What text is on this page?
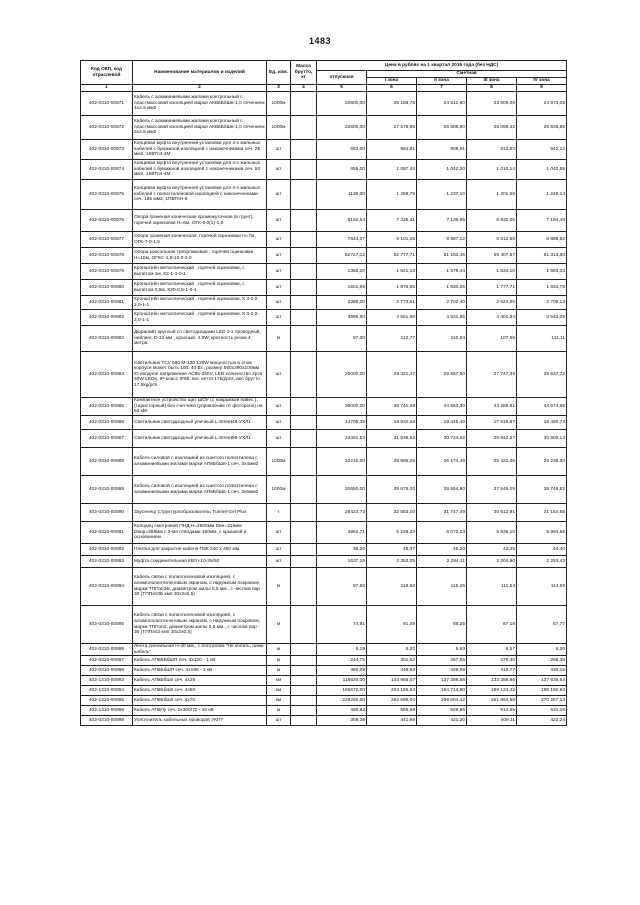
1483
Код ОКП, код отраслевой	Наименование материалов и изделий	Ед. изм.	Масса брутто, кг	Цена в рублях на 1 квартал 2016 года (без НДС)				
				отпускная	Сметная			
					I зона	II зона	III зона	IV зона
1	2	3	4	5	6	7	8	9
402-0310-00871	Кабель с алюминиевыми жилами контрольный с пластмассовой изоляцией марки АКВвБбШв-1,0 сечением 4х2,5 мм2	1000м		20800,00	25 158,75	24 512,80	23 609,06	24 573,05
402-0310-00872	Кабель с алюминиевыми жилами контрольный с пластмассовой изоляцией марки АКВвБбШв-1,0 сечением 3х2,5 мм2	1000м		22600,00	27 578,95	26 808,80	25 098,42	26 935,85
402-0310-00873	Концевая муфта внутренней установки для 4-х жильных кабелей с бумажной изоляцией с наконечниками сеч. 25 мм2, 1КВТп4-4М	шт		683,00	964,81	809,61	912,83	942,12
402-0310-00874	Концевая муфта внутренней установки для 4-х жильных кабелей с бумажной изоляцией с наконечниками сеч. 50 мм2, 1КВТп4-4М	шт		855,00	1 067,44	1 042,00	1 010,14	1 042,55
402-0310-00875	Концевая муфта внутренней установки для 4-х жильных кабелей с полиэтиленовой изоляцией с наконечниками сеч. 185 мм2, 1ПВТпН-6	шт		1136,00	1 269,75	1 237,10	1 201,59	1 249,14
402-0310-00876	Опора граненая коническая промежуточная (в грунт), горячей оцинковки Н=6м, ОГК-6,0(1)-1,5	шт		6152,54	7 325,31	7 136,95	6 932,06	7 194,49
402-0310-00877	Опора граненая коническая, горячей оцинковки Н=7м, ОГК-7-0-1,5	шт		7644,07	9 101,15	8 887,12	8 612,56	8 888,92
402-0310-00878	Опора консольная трехрожковая , горячей оцинковки Н=10м, ОГКС-1,8-10,0-2,0	шт		52727,12	62 777,71	61 163,46	59 407,57	61 313,60
402-0310-00879	Кронштейн металлический , горячей оцинковки, с вылетом 1м, К2-1-1-0-1	шт		1362,20	1 621,13	1 579,44	1 534,10	1 583,33
402-0310-00880	Кронштейн металлический , горячей оцинковки, с вылетом 0,5м, К20-0,5-1-0-1	шт		1601,69	1 876,55	1 830,26	1 777,71	1 834,78
402-0310-00881	Кронштейн металлический , горячей оцинковки, К 3-2,0-2,0-1-1	шт		2386,00	2 773,61	2 702,40	2 624,80	2 709,13
402-0310-00882	Кронштейн металлический , горячей оцинковки, К 3-2,0-2,0-1-1	шт		3996,60	4 651,56	4 531,95	4 401,84	4 543,09
402-0310-00883	Дюралайт круглый со светодиодами LED 3-х проводный, нейлинг, D-13 мм , красный, 4,8W, кратность резки 4 метра	м		97,00	113,77	110,84	107,66	111,11
402-0310-00884	Светильник ТСУ 690 М-120 120W мощностью в этом корпусе может быть 100, 40 Вт., размер 590х390х100мм Ю входное напряжение АС85-250V, LED количество 2pcs 60W LEDs, IP-класс IP65, вес нетто 17kg/pcs, вес брутто 17,5kg/pcs	шт		25000,00	29 321,47	28 557,50	27 747,39	28 637,72
402-0310-00885	Компактное устройство щит ШОУ (с накрывкой навес ), (тиристорный) без счетчика (управление от фотореле) на 60 кВт	шт		39000,00	45 741,49	44 563,30	43 285,91	44 674,85
402-0310-00886	Светильник светодиодный уличный L-Street48-УХЛ1	шт		14705,39	18 932,22	18 445,40	17 915,87	18 490,74
402-0310-00887	Светильник светодиодный уличный L-Street96-УХЛ1	шт		24491,53	31 535,52	30 724,62	29 842,57	30 800,14
402-0310-00888	Кабель силовой с изоляцией из сшитого полиэтилена с алюминиевыми жилами марки АПвБбШв-1 сеч. 3х4мм2	1000м		22210,00	26 885,29	26 174,49	25 423,06	26 238,83
402-0310-00889	Кабель силовой с изоляцией из сшитого полиэтилена с алюминиевыми жилами марки АПвБбШв-1 сеч. 3х6мм2	1000м		32650,00	39 675,00	38 654,80	37 545,09	38 749,82
402-0310-00890	Заусенец/ Структурообразователь Tunnel-Gel Plus	т		25423,73	32 583,10	31 747,49	30 512,91	31 154,55
402-0310-00891	Колодец смотровой ПНД Н=2500мм Dвн=315мм Dвнр=368мм с 3-мя отводами 160мм, с крышкой и основанием	шт		4862,71	6 229,23	6 072,23	5 836,10	5 994,56
402-0310-00892	Плитка для закрытия кабеля ПЗК 240 х 480 мм.	шт		36,20	46,37	45,20	43,45	44,40
402-0310-00893	Муфта соединительная КВтп-10-25/50	шт		1637,15	2 353,05	2 294,11	2 204,90	2 253,43
402-0310-00894	Кабель связи с полиэтиленовой изоляцией, с алюмополиэтиленовым экраном, с наружным покровом, марки ТППэпЗБ, диаметром жилы 0,5 мм., с числом пар - 30 (ТППэпЗБ кмп 30х2х0,5)	м		87,60	118,92	115,26	111,54	114,59
402-0310-00895	Кабель связи с полиэтиленовой изоляцией, с алюмополиэтиленовым экраном, с наружным покровом, марки ТППэпЗ, диаметром жилы 0,5 мм., с числом пар - 30 (ТППэпЗ кмп 30х2х0,5)	м		74,91	91,09	88,25	87,18	87,77
402-0310-00896	Лента сигнальная Н-40 мм., с логотипом "Не копать, ниже кабель"	м		5,19	6,20	5,63	6,57	6,20
402-0310-00897	Кабель АПвВБбШП сеч. 4х120 - 1 кВ	м		244,75	301,62	287,65	279,40	288,36
402-0310-00898	Кабель АПвБбШП сеч. 4х185 - 1 кВ	м		365,09	449,92	429,09	416,77	430,15
402-1310-00893	Кабель АПвБбШп сеч. 4х25	км		116620,00	143 965,07	137 286,58	133 358,96	137 635,64
402-1310-00894	Кабель АПвБбШп сеч. 4х50	км		165672,00	204 166,64	194 714,80	189 124,42	195 192,93
402-1310-00895	Кабель АПвБбШп сеч. 4х70	км		229292,00	282 695,04	269 604,42	261 864,58	270 267,13
402-1310-00896	Кабель АПвПу сеч. 1х300/70 - 10 кВ	м		450,83	555,59	529,86	514,65	531,16
402-0310-00899	Уплотнитель кабельных проводов УКПТ	шт		358,38	441,68	421,20	409,11	422,24
